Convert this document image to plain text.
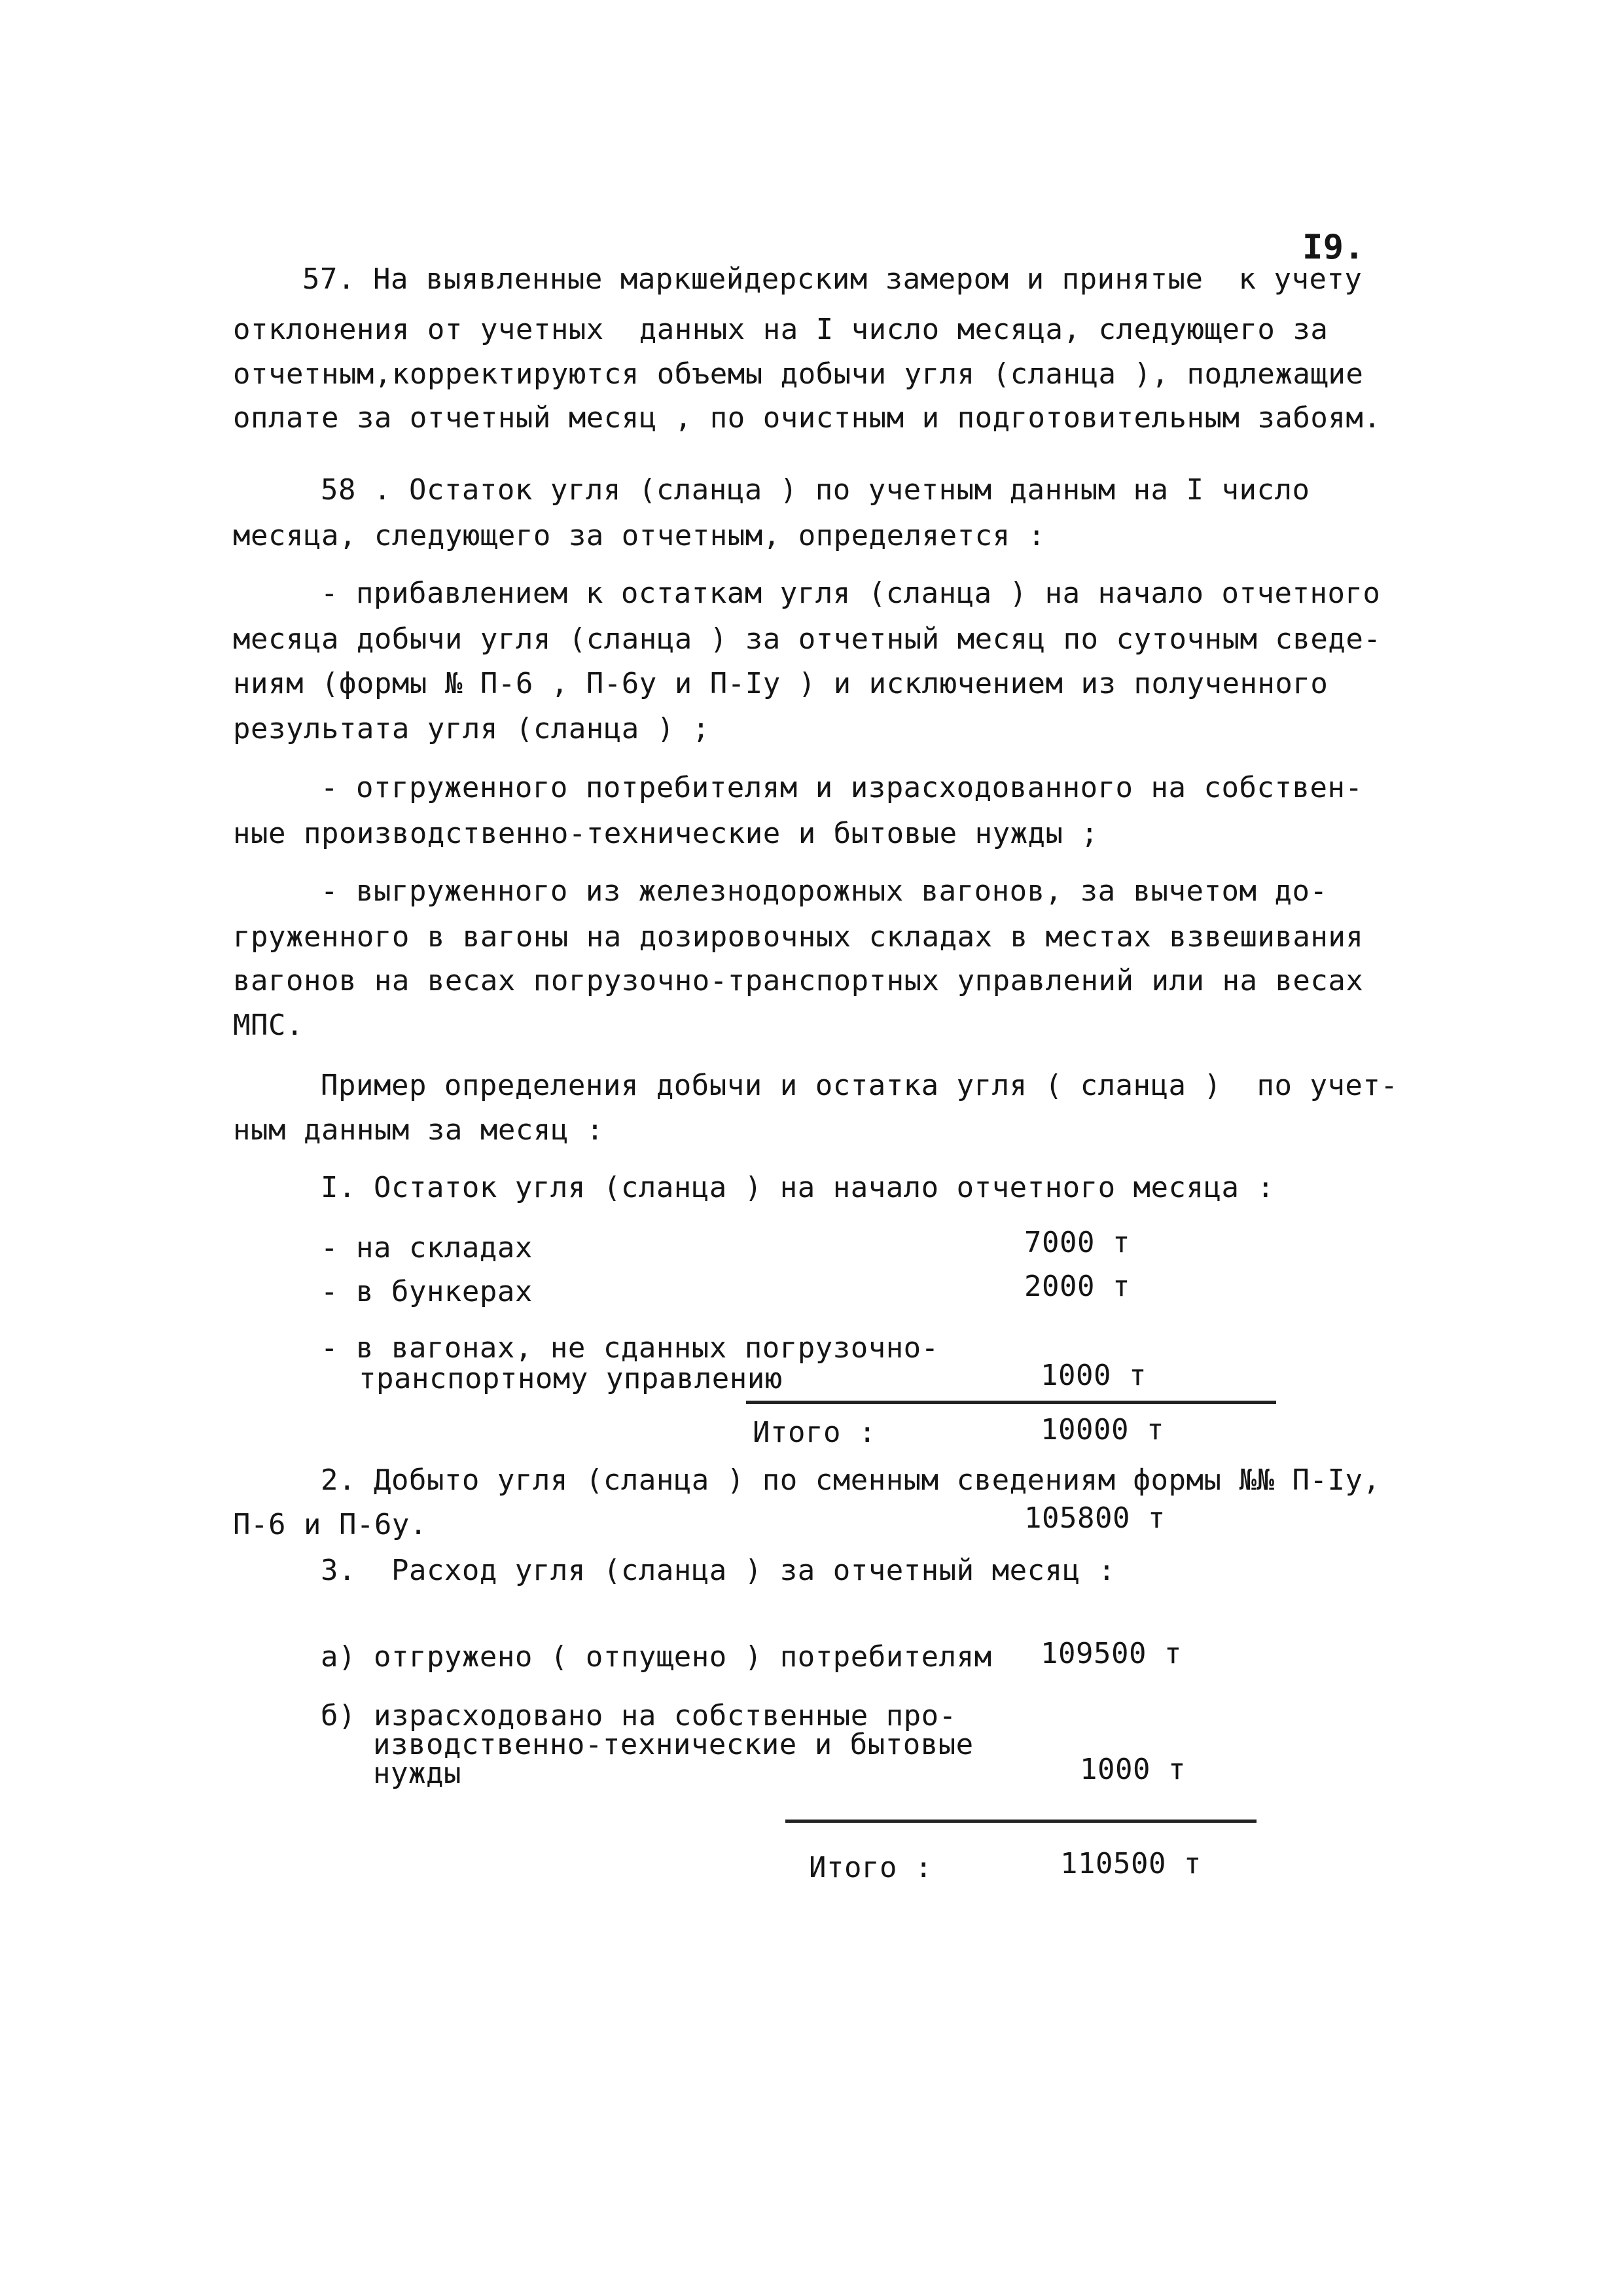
I9.
57. На выявленные маркшейдерским замером и принятые  к учету
отклонения от учетных  данных на I число месяца, следующего за
отчетным,корректируются объемы добычи угля (сланца ), подлежащие
оплате за отчетный месяц , по очистным и подготовительным забоям.
58 . Остаток угля (сланца ) по учетным данным на I число
месяца, следующего за отчетным, определяется :
- прибавлением к остаткам угля (сланца ) на начало отчетного
месяца добычи угля (сланца ) за отчетный месяц по суточным сведе-
ниям (формы № П-6 , П-6у и П-Iу ) и исключением из полученного
результата угля (сланца ) ;
- отгруженного потребителям и израсходованного на собствен-
ные производственно-технические и бытовые нужды ;
- выгруженного из железнодорожных вагонов, за вычетом до-
груженного в вагоны на дозировочных складах в местах взвешивания
вагонов на весах погрузочно-транспортных управлений или на весах
МПС.
Пример определения добычи и остатка угля ( сланца )  по учет-
ным данным за месяц :
I. Остаток угля (сланца ) на начало отчетного месяца :
- на складах	7000 т
- в бункерах	2000 т
- в вагонах, не сданных погрузочно-
транспортному управлению	1000 т
Итого :	10000 т
2. Добыто угля (сланца ) по сменным сведениям формы №№ П-Iу,
П-6 и П-6у.	105800 т
3.  Расход угля (сланца ) за отчетный месяц :
а) отгружено ( отпущено ) потребителям 109500 т
б) израсходовано на собственные про-
изводственно-технические и бытовые
нужды	1000 т
Итого :	110500 т
